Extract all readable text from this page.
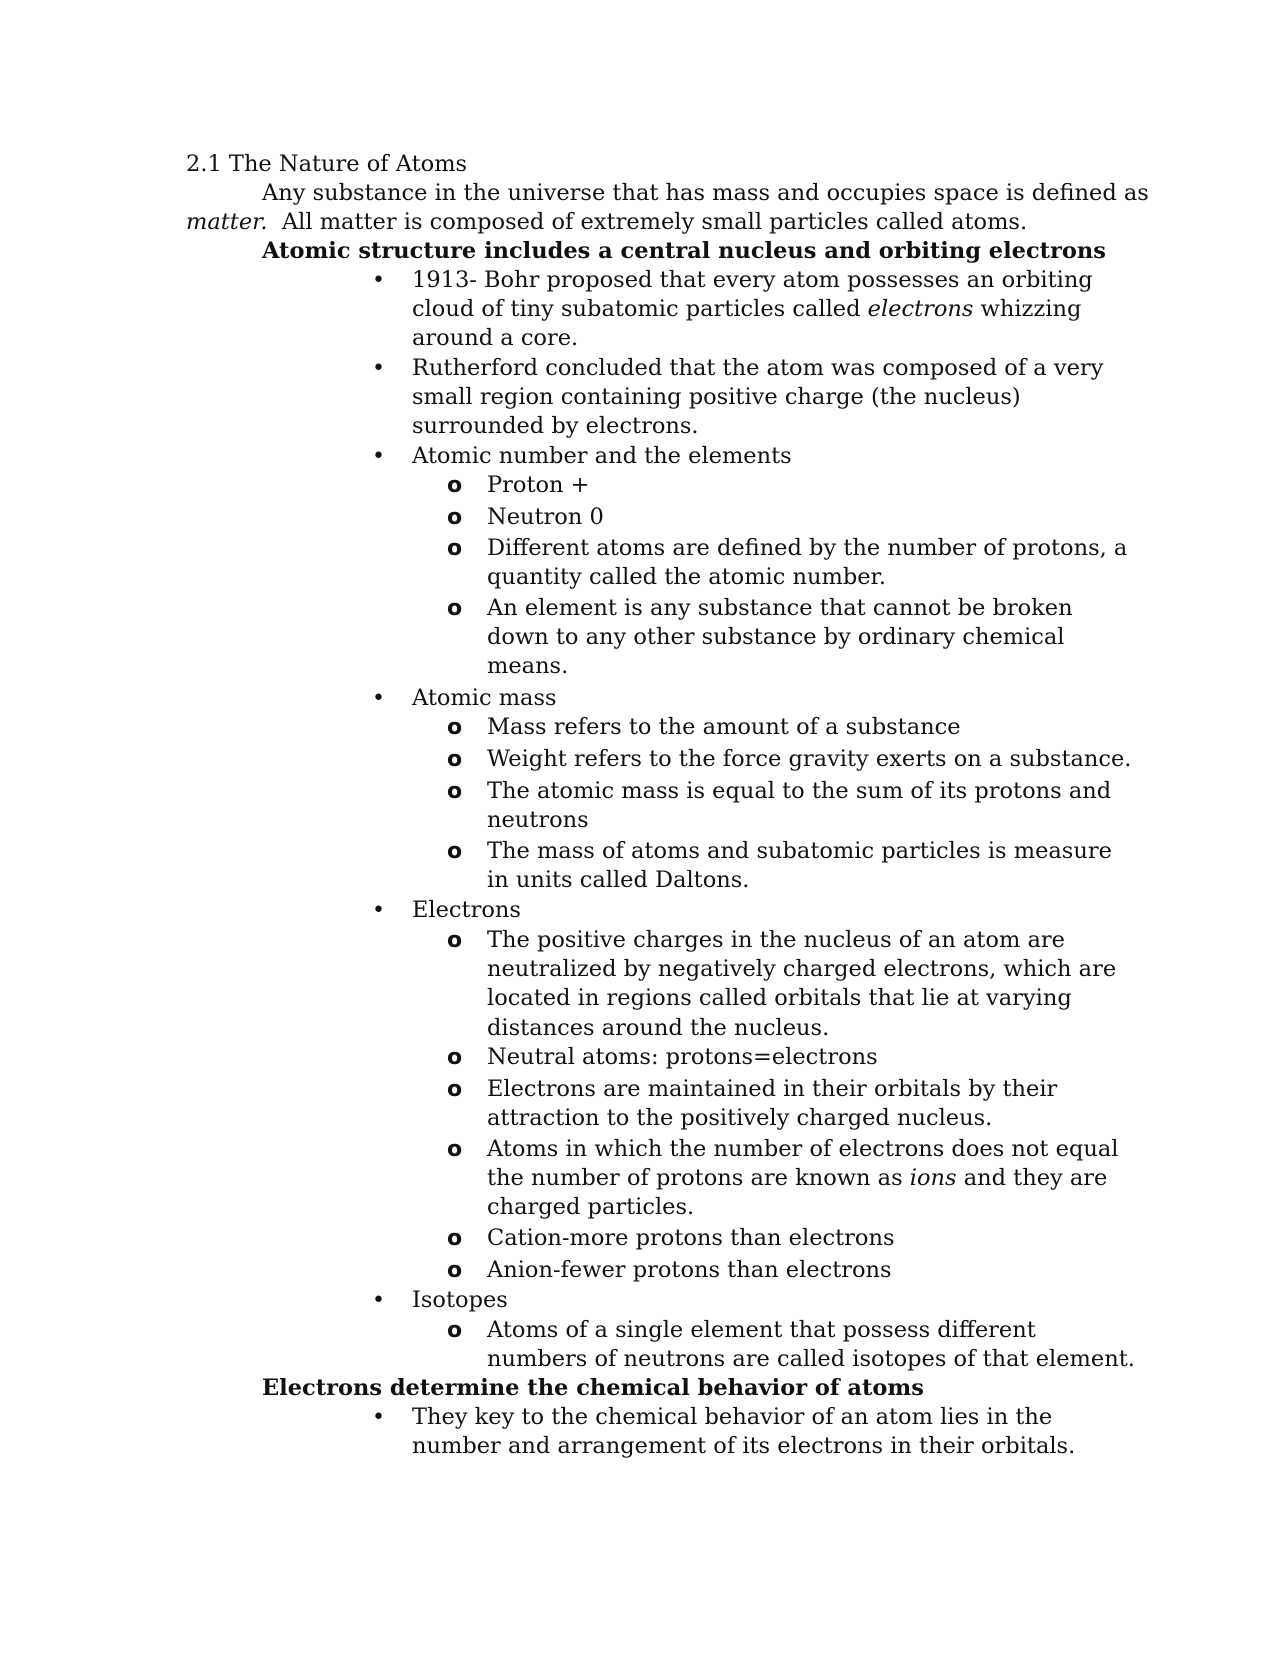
2.1 The Nature of Atoms

Any substance in the universe that has mass and occupies space is defined as

matter.  All matter is composed of extremely small particles called atoms.

Atomic structure includes a central nucleus and orbiting electrons

• 1913- Bohr proposed that every atom possesses an orbiting
cloud of tiny subatomic particles called electrons whizzing
around a core.
• Rutherford concluded that the atom was composed of a very
small region containing positive charge (the nucleus)
surrounded by electrons.
• Atomic number and the elements

o Proton +

o Neutron 0

o Different atoms are defined by the number of protons, a
quantity called the atomic number.
o An element is any substance that cannot be broken
down to any other substance by ordinary chemical
means.
• Atomic mass

o Mass refers to the amount of a substance

o Weight refers to the force gravity exerts on a substance.

o The atomic mass is equal to the sum of its protons and
neutrons
o The mass of atoms and subatomic particles is measure
in units called Daltons.
• Electrons

o The positive charges in the nucleus of an atom are
neutralized by negatively charged electrons, which are
located in regions called orbitals that lie at varying
distances around the nucleus.
o Neutral atoms: protons=electrons

o Electrons are maintained in their orbitals by their
attraction to the positively charged nucleus.
o Atoms in which the number of electrons does not equal
the number of protons are known as ions and they are
charged particles.
o Cation-more protons than electrons

o Anion-fewer protons than electrons

• Isotopes

o Atoms of a single element that possess different
numbers of neutrons are called isotopes of that element.

Electrons determine the chemical behavior of atoms

• They key to the chemical behavior of an atom lies in the
number and arrangement of its electrons in their orbitals.
